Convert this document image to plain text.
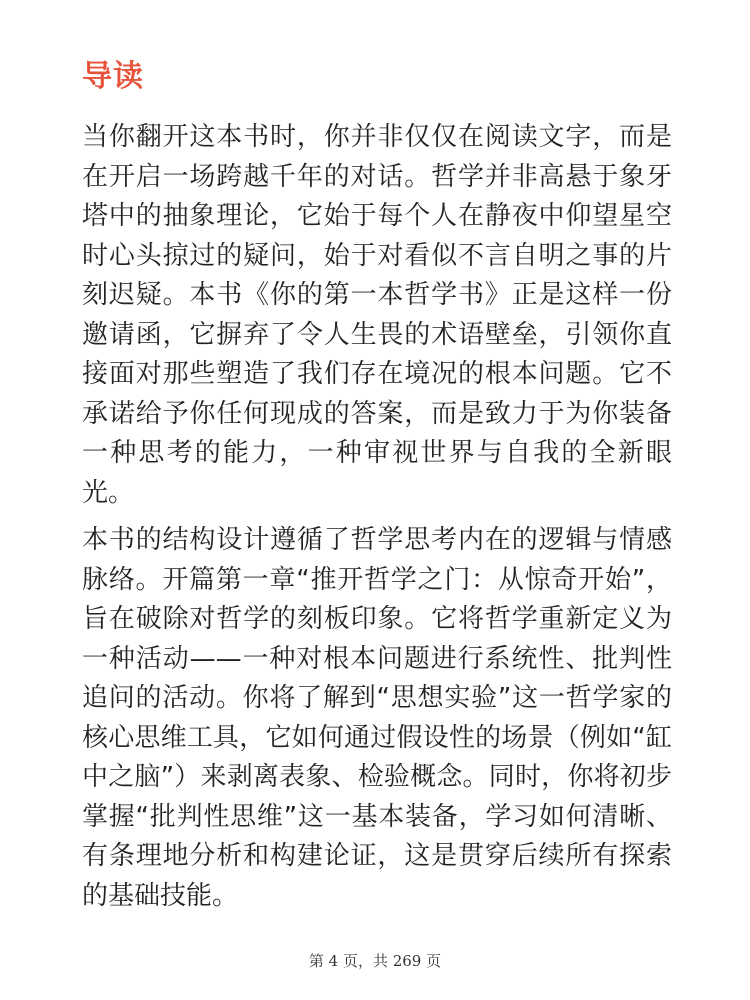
导读

当你翻开这本书时，你并非仅仅在阅读文字，而是在开启一场跨越千年的对话。哲学并非高悬于象牙塔中的抽象理论，它始于每个人在静夜中仰望星空时心头掠过的疑问，始于对看似不言自明之事的片刻迟疑。本书《你的第一本哲学书》正是这样一份邀请函，它摒弃了令人生畏的术语壁垒，引领你直接面对那些塑造了我们存在境况的根本问题。它不承诺给予你任何现成的答案，而是致力于为你装备一种思考的能力，一种审视世界与自我的全新眼光。

本书的结构设计遵循了哲学思考内在的逻辑与情感脉络。开篇第一章“推开哲学之门：从惊奇开始”，旨在破除对哲学的刻板印象。它将哲学重新定义为一种活动——一种对根本问题进行系统性、批判性追问的活动。你将了解到“思想实验”这一哲学家的核心思维工具，它如何通过假设性的场景（例如“缸中之脑”）来剥离表象、检验概念。同时，你将初步掌握“批判性思维”这一基本装备，学习如何清晰、有条理地分析和构建论证，这是贯穿后续所有探索的基础技能。

第 4 页，共 269 页
